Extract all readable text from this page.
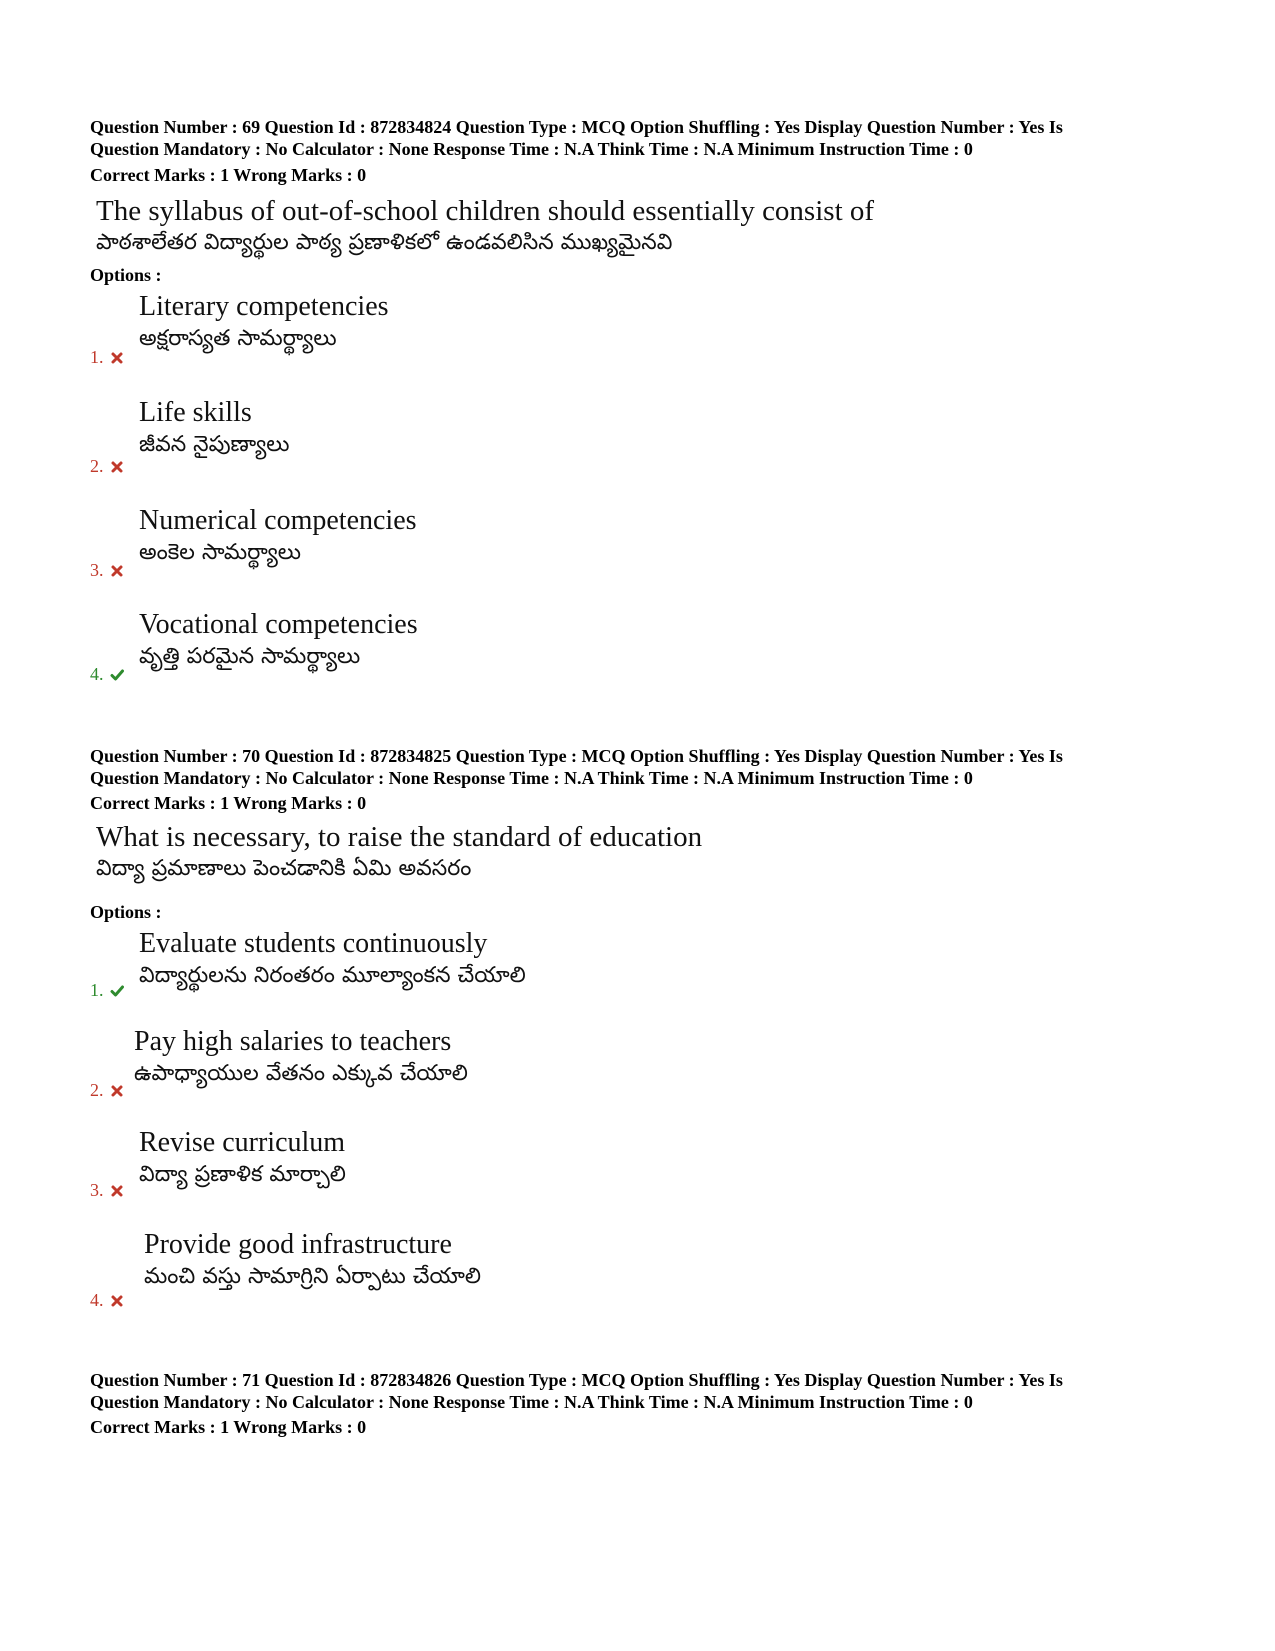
Question Number : 69 Question Id : 872834824 Question Type : MCQ Option Shuffling : Yes Display Question Number : Yes Is
Question Mandatory : No Calculator : None Response Time : N.A Think Time : N.A Minimum Instruction Time : 0

Correct Marks : 1 Wrong Marks : 0
The syllabus of out-of-school children should essentially consist of
పాఠశాలేతర విద్యార్థుల పాఠ్య ప్రణాళికలో ఉండవలిసిన ముఖ్యమైనవి
Options :
Literary competencies
అక్షరాస్యత సామర్థ్యాలు
1.
Life skills
జీవన నైపుణ్యాలు
2.
Numerical competencies
అంకెల సామర్థ్యాలు
3.
Vocational competencies
వృత్తి పరమైన సామర్థ్యాలు
4.

Question Number : 70 Question Id : 872834825 Question Type : MCQ Option Shuffling : Yes Display Question Number : Yes Is
Question Mandatory : No Calculator : None Response Time : N.A Think Time : N.A Minimum Instruction Time : 0

Correct Marks : 1 Wrong Marks : 0
What is necessary, to raise the standard of education
విద్యా ప్రమాణాలు పెంచడానికి ఏమి అవసరం
Options :
Evaluate students continuously
విద్యార్థులను నిరంతరం మూల్యాంకన చేయాలి
1.
Pay high salaries to teachers
ఉపాధ్యాయుల వేతనం ఎక్కువ చేయాలి
2.
Revise curriculum
విద్యా ప్రణాళిక మార్చాలి
3.
Provide good infrastructure
మంచి వస్తు సామాగ్రిని ఏర్పాటు చేయాలి
4.

Question Number : 71 Question Id : 872834826 Question Type : MCQ Option Shuffling : Yes Display Question Number : Yes Is
Question Mandatory : No Calculator : None Response Time : N.A Think Time : N.A Minimum Instruction Time : 0

Correct Marks : 1 Wrong Marks : 0
